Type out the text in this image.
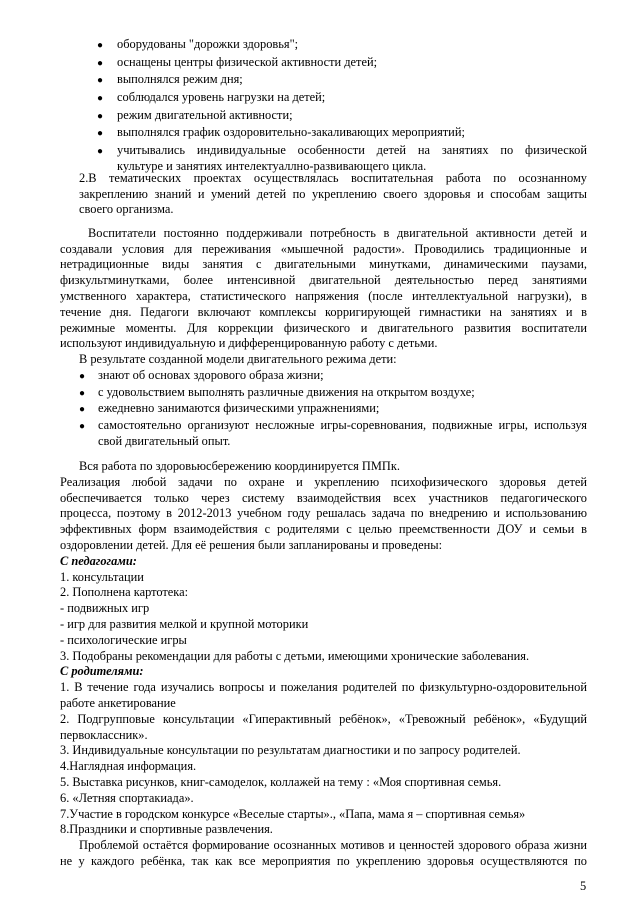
● оборудованы "дорожки здоровья";
● оснащены центры физической активности детей;
● выполнялся режим дня;
● соблюдался уровень нагрузки на детей;
● режим двигательной активности;
● выполнялся график оздоровительно-закаливающих мероприятий;
● учитывались индивидуальные особенности детей на занятиях по физической
культуре и занятиях интелектуаллно-развивающего цикла.
2.В тематических проектах осуществлялась воспитательная работа по осознанному
закреплению знаний и умений детей по укреплению своего здоровья и способам защиты
своего организма.
Воспитатели постоянно поддерживали потребность в двигательной активности детей и
создавали условия для переживания «мышечной радости». Проводились традиционные и
нетрадиционные виды занятия с двигательными минутками, динамическими паузами,
физкультминутками, более интенсивной двигательной деятельностью перед занятиями
умственного характера, статистического напряжения (после интеллектуальной нагрузки), в
течение дня. Педагоги включают комплексы корригирующей гимнастики на занятиях и в
режимные моменты. Для коррекции физического и двигательного развития воспитатели
используют индивидуальную и дифференцированную работу с детьми.
В результате созданной модели двигательного режима дети:
● знают об основах здорового образа жизни;
● с удовольствием выполнять различные движения на открытом воздухе;
● ежедневно занимаются физическими упражнениями;
● самостоятельно организуют несложные игры-соревнования, подвижные игры, используя
свой двигательный опыт.
Вся работа по здоровьюсбережению координируется ПМПк.
Реализация любой задачи по охране и укреплению психофизического здоровья детей
обеспечивается только через систему взаимодействия всех участников педагогического
процесса, поэтому в 2012-2013 учебном году решалась задача по внедрению и использованию
эффективных форм взаимодействия с родителями с целью преемственности ДОУ и семьи в
оздоровлении детей. Для её решения были запланированы и проведены:
С педагогами:
1. консультации
2. Пополнена картотека:
- подвижных игр
- игр для развития мелкой и крупной моторики
- психологические игры
3. Подобраны рекомендации для работы с детьми, имеющими хронические заболевания.
С родителями:
1. В течение года изучались вопросы и пожелания родителей по физкультурно-оздоровительной
работе анкетирование
2. Подгрупповые консультации «Гиперактивный ребёнок», «Тревожный ребёнок», «Будущий
первоклассник».
3. Индивидуальные консультации по результатам диагностики и по запросу родителей.
4.Наглядная информация.
5. Выставка рисунков, книг-самоделок, коллажей на тему : «Моя спортивная семья.
6. «Летняя спортакиада».
7.Участие в городском конкурсе «Веселые старты»., «Папа, мама я – спортивная семья»
8.Праздники и спортивные развлечения.
Проблемой остаётся формирование осознанных мотивов и ценностей здорового образа жизни
не у каждого ребёнка, так как все мероприятия по укреплению здоровья осуществляются по
5
